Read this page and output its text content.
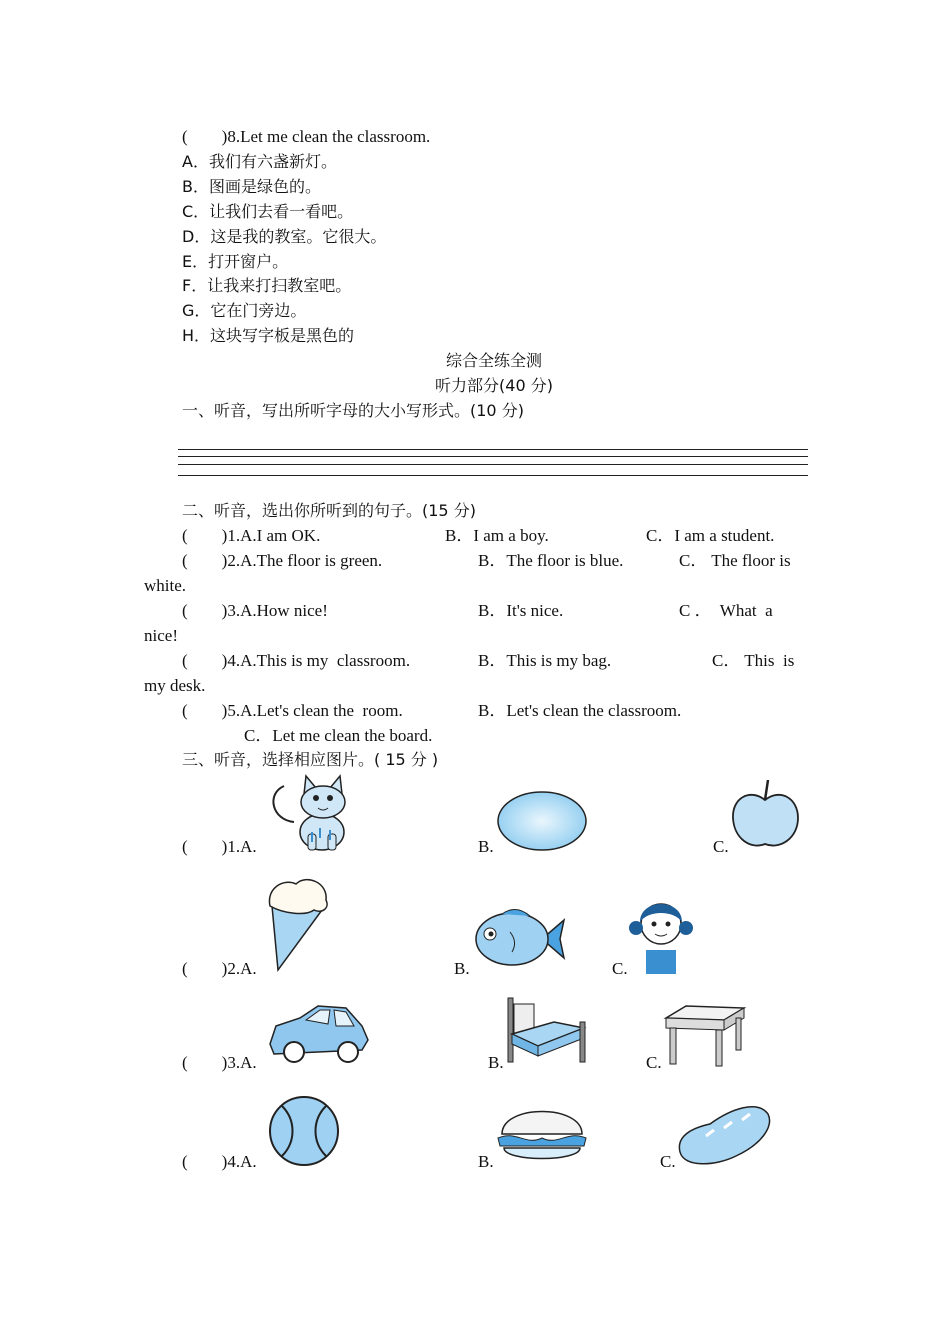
(　　)8.Let me clean the classroom.
A．我们有六盏新灯。
B．图画是绿色的。
C．让我们去看一看吧。
D．这是我的教室。它很大。
E．打开窗户。
F．让我来打扫教室吧。
G．它在门旁边。
H．这块写字板是黑色的
综合全练全测
听力部分(40 分)
一、听音，写出所听字母的大小写形式。(10 分)
二、听音，选出你所听到的句子。(15 分)
(　　)1.A.I am OK.	B．I am a boy.	C．I am a student.
(　　)2.A.The floor is green.	B．The floor is blue.	C． The floor is
white.
(　　)3.A.How nice!	B．It's nice.	C ．  What  a
nice!
(　　)4.A.This is my  classroom.	B．This is my bag.	C． This  is
my desk.
(　　)5.A.Let's clean the  room.	B．Let's clean the classroom.
C．Let me clean the board.
三、听音，选择相应图片。( 15 分 )
(　　)1.A.	B.	C.
(　　)2.A.	B.	C.
(　　)3.A.	B.	C.
(　　)4.A.	B.	C.
